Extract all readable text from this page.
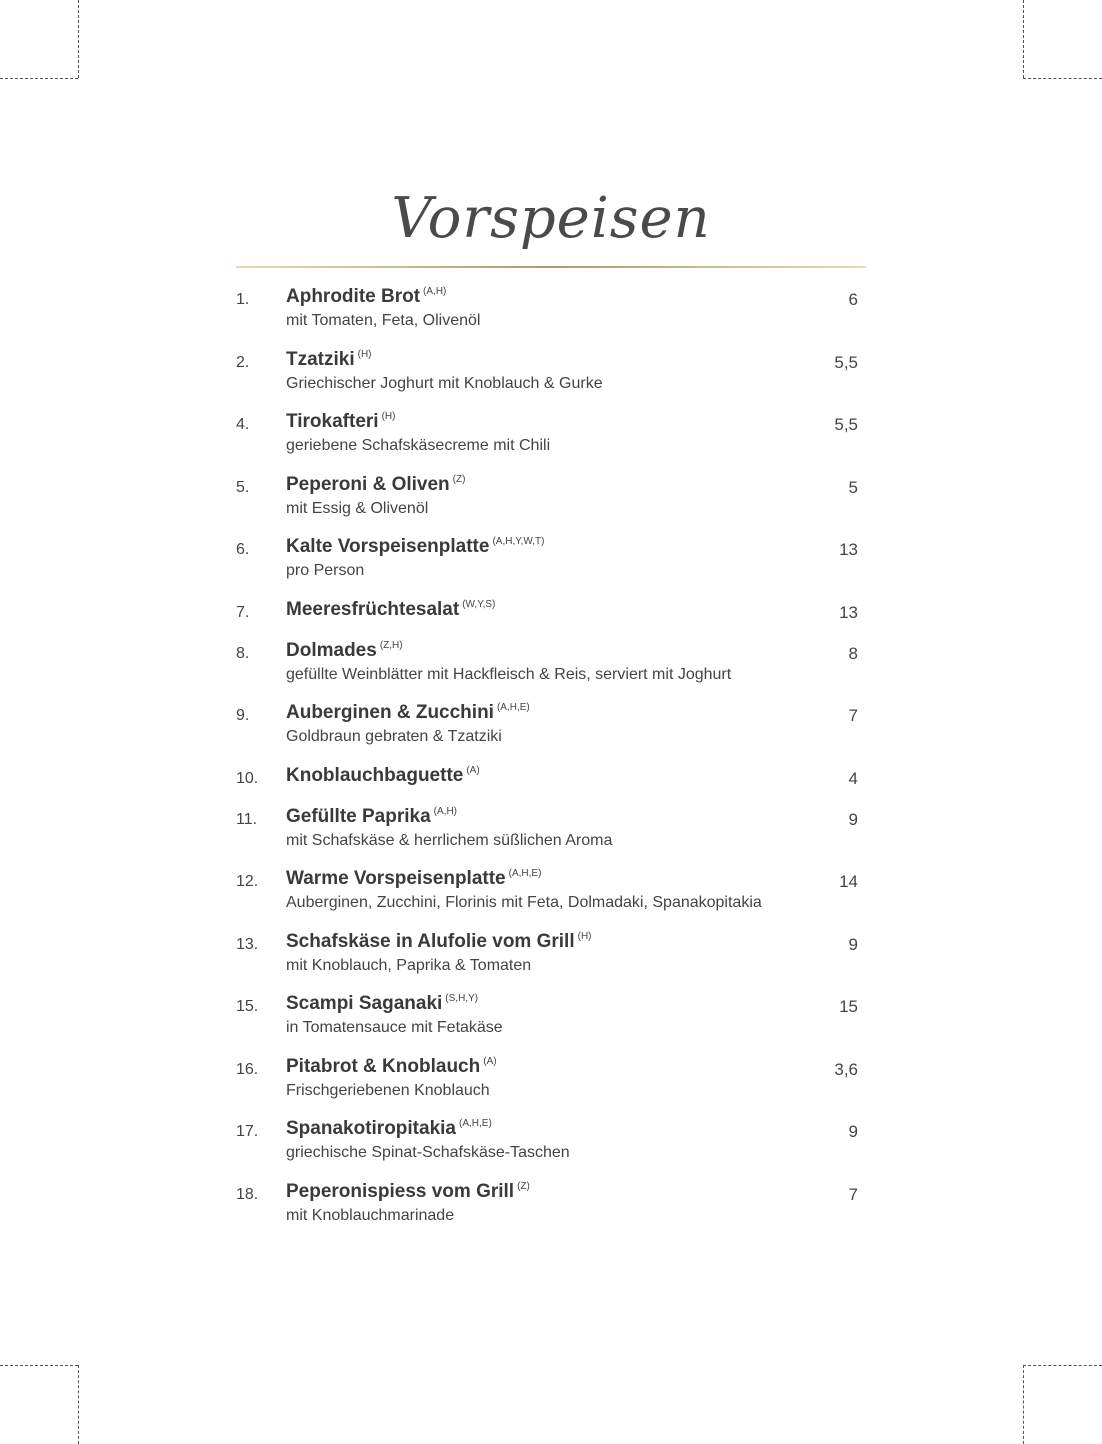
Vorspeisen
1. Aphrodite Brot $^{(A,H)}$
mit Tomaten, Feta, Olivenöl
6
2. Tzatziki $^{(H)}$
Griechischer Joghurt mit Knoblauch & Gurke
5,5
4. Tirokafteri $^{(H)}$
geriebene Schafskäsecreme mit Chili
5,5
5. Peperoni & Oliven $^{(Z)}$
mit Essig & Olivenöl
5
6. Kalte Vorspeisenplatte $^{(A,H,Y,W,T)}$
pro Person
13
7. Meeresfrüchtesalat $^{(W,Y,S)}$	13
8. Dolmades $^{(Z,H)}$
gefüllte Weinblätter mit Hackfleisch & Reis, serviert mit Joghurt
8
9. Auberginen & Zucchini $^{(A,H,E)}$
Goldbraun gebraten & Tzatziki
7
10. Knoblauchbaguette $^{(A)}$	4
11. Gefüllte Paprika $^{(A,H)}$
mit Schafskäse & herrlichem süßlichen Aroma
9
12. Warme Vorspeisenplatte $^{(A,H,E)}$
Auberginen, Zucchini, Florinis mit Feta, Dolmadaki, Spanakopitakia
14
13. Schafskäse in Alufolie vom Grill $^{(H)}$
mit Knoblauch, Paprika & Tomaten
9
15. Scampi Saganaki $^{(S,H,Y)}$
in Tomatensauce mit Fetakäse
15
16. Pitabrot & Knoblauch $^{(A)}$
Frischgeriebenen Knoblauch
3,6
17. Spanakotiropitakia $^{(A,H,E)}$
griechische Spinat-Schafskäse-Taschen
9
18. Peperonispiess vom Grill $^{(Z)}$
mit Knoblauchmarinade
7
